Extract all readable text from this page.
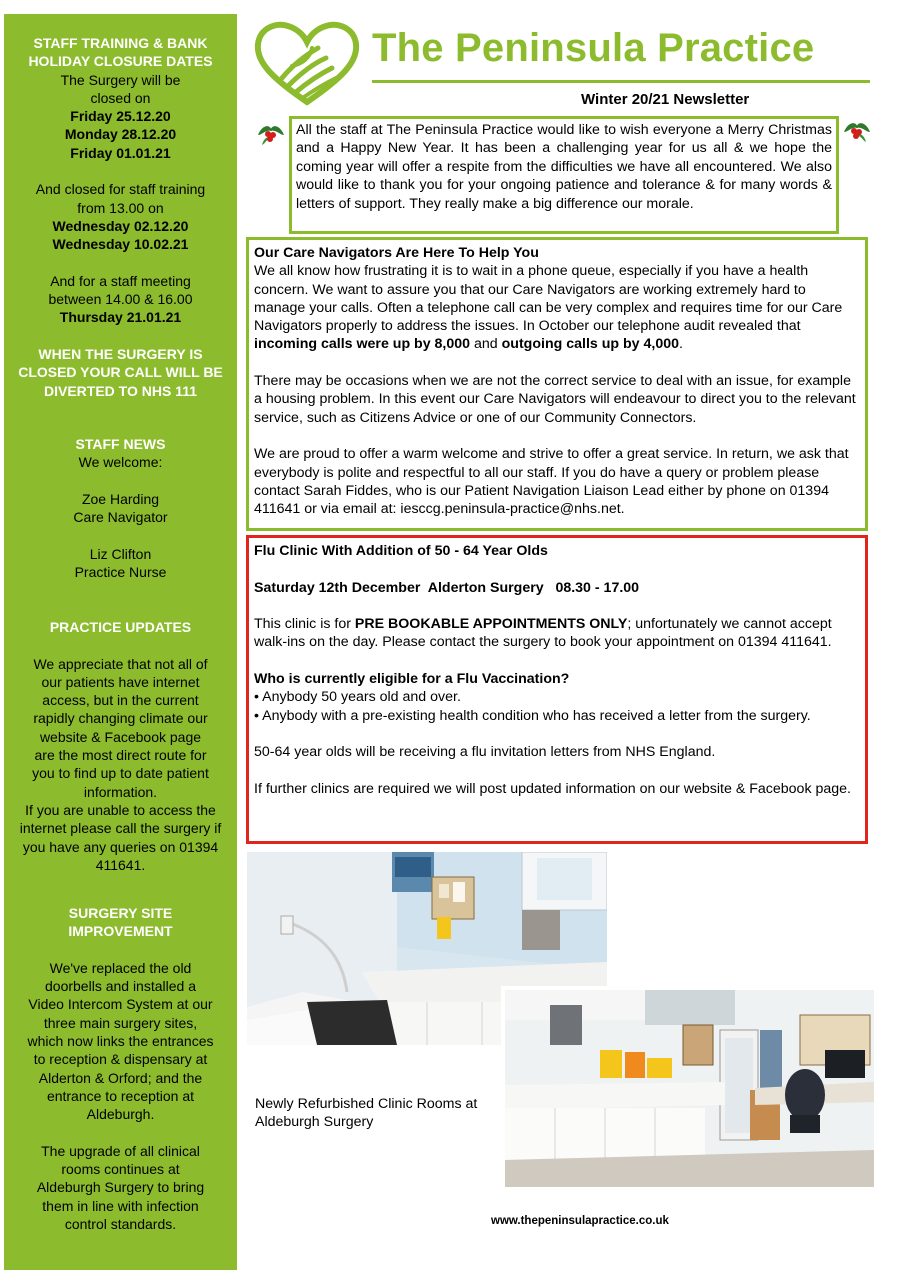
STAFF TRAINING & BANK HOLIDAY CLOSURE DATES

The Surgery will be closed on

Friday 25.12.20

Monday 28.12.20

Friday 01.01.21

And closed for staff training from 13.00 on

Wednesday 02.12.20

Wednesday 10.02.21

And for a staff meeting between 14.00 & 16.00

Thursday 21.01.21

WHEN THE SURGERY IS CLOSED YOUR CALL WILL BE DIVERTED TO NHS 111

STAFF NEWS

We welcome:

Zoe Harding

Care Navigator

Liz Clifton

Practice Nurse

PRACTICE UPDATES

We appreciate that not all of our patients have internet access, but in the current rapidly changing climate our website & Facebook page are the most direct route for you to find up to date patient information.

If you are unable to access the internet please call the surgery if you have any queries on 01394 411641.

SURGERY SITE IMPROVEMENT

We've replaced the old doorbells and installed a Video Intercom System at our three main surgery sites, which now links the entrances to reception & dispensary at Alderton & Orford; and the entrance to reception at Aldeburgh.

The upgrade of all clinical rooms continues at Aldeburgh Surgery to bring them in line with infection control standards.

The Peninsula Practice
Winter 20/21 Newsletter

All the staff at The Peninsula Practice would like to wish everyone a Merry Christmas and a Happy New Year. It has been a challenging year for us all & we hope the coming year will offer a respite from the difficulties we have all encountered. We also would like to thank you for your ongoing patience and tolerance & for many words & letters of support. They really make a big difference our morale.

Our Care Navigators Are Here To Help You

We all know how frustrating it is to wait in a phone queue, especially if you have a health concern. We want to assure you that our Care Navigators are working extremely hard to manage your calls. Often a telephone call can be very complex and requires time for our Care Navigators properly to address the issues. In October our telephone audit revealed that incoming calls were up by 8,000 and outgoing calls up by 4,000.

There may be occasions when we are not the correct service to deal with an issue, for example a housing problem. In this event our Care Navigators will endeavour to direct you to the relevant service, such as Citizens Advice or one of our Community Connectors.

We are proud to offer a warm welcome and strive to offer a great service. In return, we ask that everybody is polite and respectful to all our staff. If you do have a query or problem please contact Sarah Fiddes, who is our Patient Navigation Liaison Lead either by phone on 01394 411641 or via email at: iesccg.peninsula-practice@nhs.net.

Flu Clinic With Addition of 50 - 64 Year Olds

Saturday 12th December  Alderton Surgery   08.30 - 17.00

This clinic is for PRE BOOKABLE APPOINTMENTS ONLY; unfortunately we cannot accept walk-ins on the day. Please contact the surgery to book your appointment on 01394 411641.

Who is currently eligible for a Flu Vaccination?

• Anybody 50 years old and over.

• Anybody with a pre-existing health condition who has received a letter from the surgery.

50-64 year olds will be receiving a flu invitation letters from NHS England.

If further clinics are required we will post updated information on our website & Facebook page.

Newly Refurbished Clinic Rooms at Aldeburgh Surgery
www.thepeninsulapractice.co.uk
